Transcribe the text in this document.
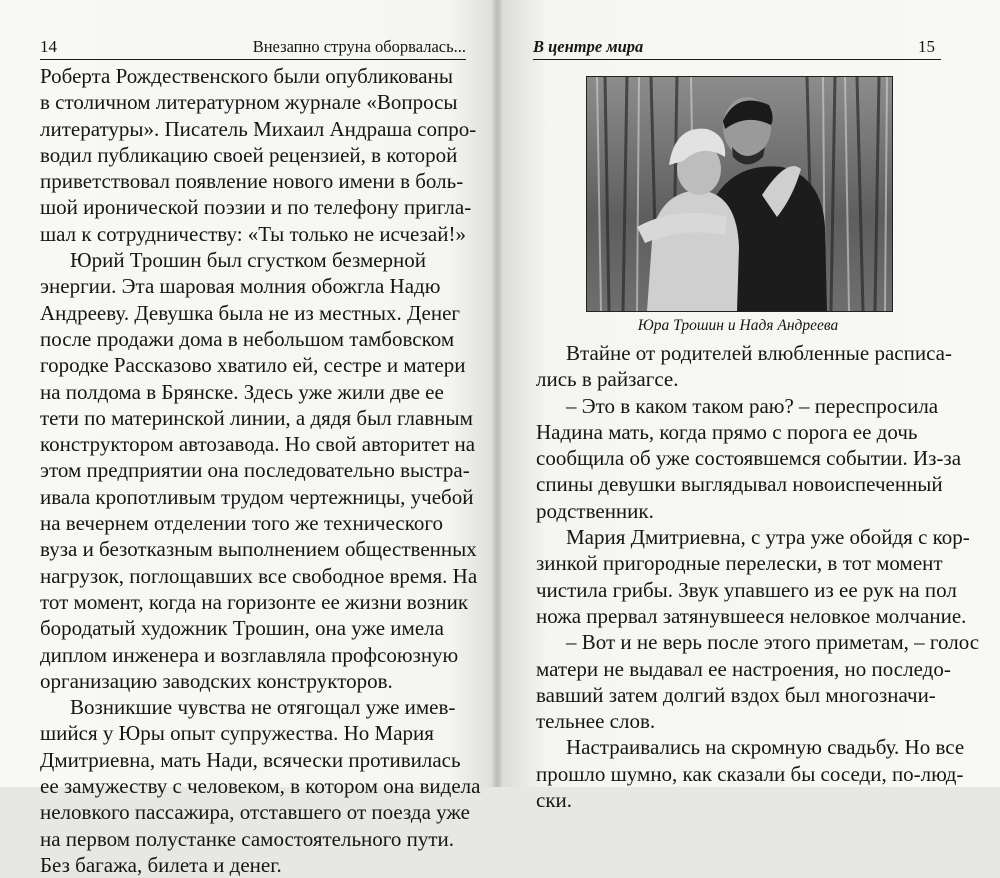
14	Внезапно струна оборвалась...	В центре мира	15
Роберта Рождественского были опубликованы
в столичном литературном журнале «Вопросы
литературы». Писатель Михаил Андраша сопро-
водил публикацию своей рецензией, в которой
приветствовал появление нового имени в боль-
шой иронической поэзии и по телефону пригла-
шал к сотрудничеству: «Ты только не исчезай!»
Юрий Трошин был сгустком безмерной
энергии. Эта шаровая молния обожгла Надю
Андрееву. Девушка была не из местных. Денег
после продажи дома в небольшом тамбовском
городке Рассказово хватило ей, сестре и матери
на полдома в Брянске. Здесь уже жили две ее
тети по материнской линии, а дядя был главным
конструктором автозавода. Но свой авторитет на
этом предприятии она последовательно выстра-
ивала кропотливым трудом чертежницы, учебой
на вечернем отделении того же технического
вуза и безотказным выполнением общественных
нагрузок, поглощавших все свободное время. На
тот момент, когда на горизонте ее жизни возник
бородатый художник Трошин, она уже имела
диплом инженера и возглавляла профсоюзную
организацию заводских конструкторов.
Возникшие чувства не отягощал уже имев-
шийся у Юры опыт супружества. Но Мария
Дмитриевна, мать Нади, всячески противилась
ее замужеству с человеком, в котором она видела
неловкого пассажира, отставшего от поезда уже
на первом полустанке самостоятельного пути.
Без багажа, билета и денег.
Юра Трошин и Надя Андреева
Втайне от родителей влюбленные расписа-
лись в райзагсе.
– Это в каком таком раю? – переспросила
Надина мать, когда прямо с порога ее дочь
сообщила об уже состоявшемся событии. Из-за
спины девушки выглядывал новоиспеченный
родственник.
Мария Дмитриевна, с утра уже обойдя с кор-
зинкой пригородные перелески, в тот момент
чистила грибы. Звук упавшего из ее рук на пол
ножа прервал затянувшееся неловкое молчание.
– Вот и не верь после этого приметам, – голос
матери не выдавал ее настроения, но последо-
вавший затем долгий вздох был многозначи-
тельнее слов.
Настраивались на скромную свадьбу. Но все
прошло шумно, как сказали бы соседи, по-люд-
ски.
